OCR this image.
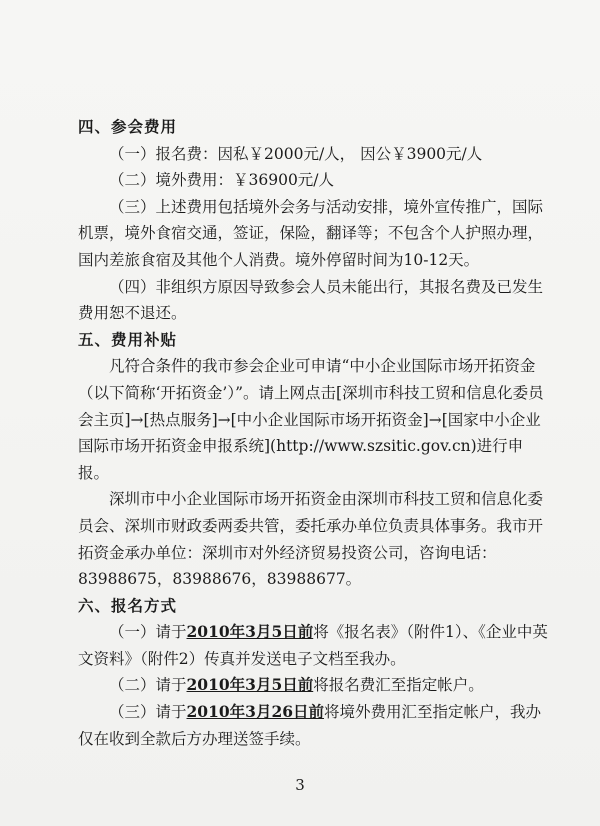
四、参会费用
（一）报名费：因私￥2000元/人， 因公￥3900元/人
（二）境外费用：￥36900元/人
（三）上述费用包括境外会务与活动安排，境外宣传推广，国际机票，境外食宿交通，签证，保险，翻译等；不包含个人护照办理，国内差旅食宿及其他个人消费。境外停留时间为10-12天。
（四）非组织方原因导致参会人员未能出行，其报名费及已发生费用恕不退还。
五、费用补贴
凡符合条件的我市参会企业可申请“中小企业国际市场开拓资金（以下简称‘开拓资金’）”。请上网点击[深圳市科技工贸和信息化委员会主页]→[热点服务]→[中小企业国际市场开拓资金]→[国家中小企业国际市场开拓资金申报系统](http://www.szsitic.gov.cn)进行申报。
深圳市中小企业国际市场开拓资金由深圳市科技工贸和信息化委员会、深圳市财政委两委共管，委托承办单位负责具体事务。我市开拓资金承办单位：深圳市对外经济贸易投资公司，咨询电话：83988675，83988676，83988677。
六、报名方式
（一）请于2010年3月5日前将《报名表》（附件1）、《企业中英文资料》（附件2）传真并发送电子文档至我办。
（二）请于2010年3月5日前将报名费汇至指定帐户。
（三）请于2010年3月26日前将境外费用汇至指定帐户，我办仅在收到全款后方办理送签手续。
3
